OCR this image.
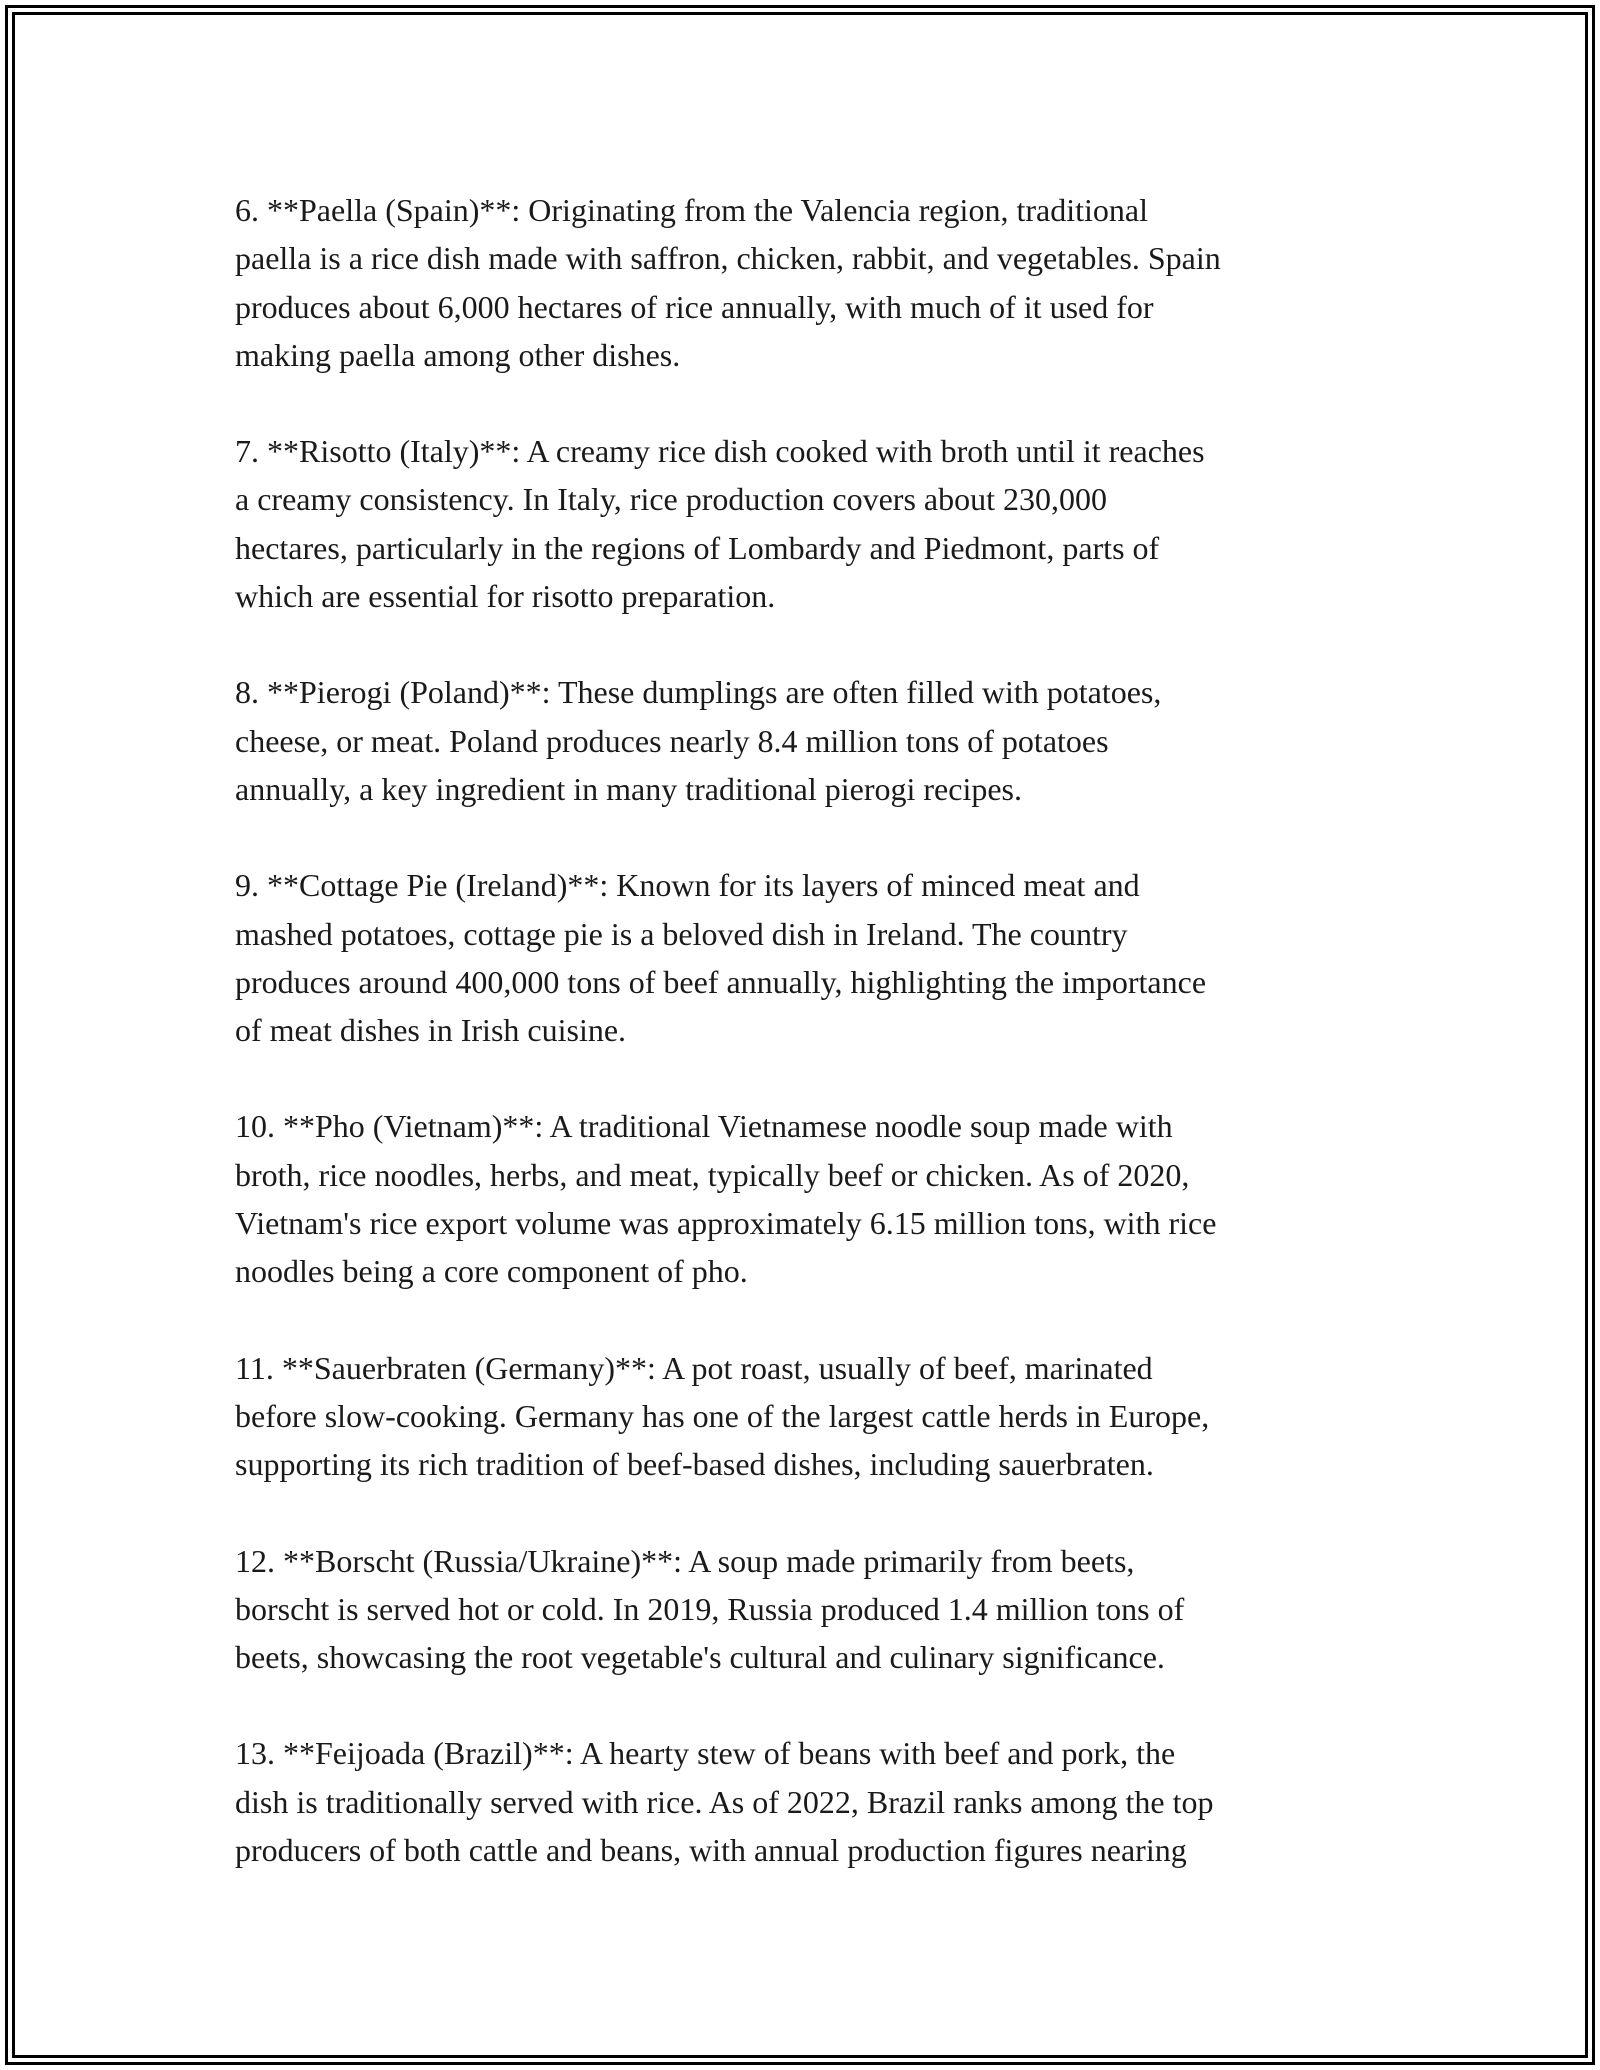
6. **Paella (Spain)**: Originating from the Valencia region, traditional
paella is a rice dish made with saffron, chicken, rabbit, and vegetables. Spain
produces about 6,000 hectares of rice annually, with much of it used for
making paella among other dishes.

7. **Risotto (Italy)**: A creamy rice dish cooked with broth until it reaches
a creamy consistency. In Italy, rice production covers about 230,000
hectares, particularly in the regions of Lombardy and Piedmont, parts of
which are essential for risotto preparation.

8. **Pierogi (Poland)**: These dumplings are often filled with potatoes,
cheese, or meat. Poland produces nearly 8.4 million tons of potatoes
annually, a key ingredient in many traditional pierogi recipes.

9. **Cottage Pie (Ireland)**: Known for its layers of minced meat and
mashed potatoes, cottage pie is a beloved dish in Ireland. The country
produces around 400,000 tons of beef annually, highlighting the importance
of meat dishes in Irish cuisine.

10. **Pho (Vietnam)**: A traditional Vietnamese noodle soup made with
broth, rice noodles, herbs, and meat, typically beef or chicken. As of 2020,
Vietnam's rice export volume was approximately 6.15 million tons, with rice
noodles being a core component of pho.

11. **Sauerbraten (Germany)**: A pot roast, usually of beef, marinated
before slow-cooking. Germany has one of the largest cattle herds in Europe,
supporting its rich tradition of beef-based dishes, including sauerbraten.

12. **Borscht (Russia/Ukraine)**: A soup made primarily from beets,
borscht is served hot or cold. In 2019, Russia produced 1.4 million tons of
beets, showcasing the root vegetable's cultural and culinary significance.

13. **Feijoada (Brazil)**: A hearty stew of beans with beef and pork, the
dish is traditionally served with rice. As of 2022, Brazil ranks among the top
producers of both cattle and beans, with annual production figures nearing
